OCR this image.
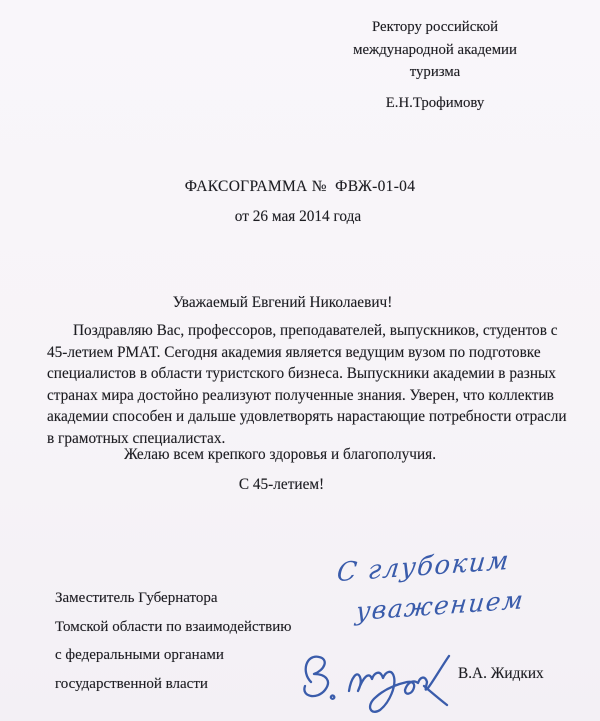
Ректору российской
международной академии
туризма
Е.Н.Трофимову
ФАКСОГРАММА №  ФВЖ-01-04
от 26 мая 2014 года
Уважаемый Евгений Николаевич!
Поздравляю Вас, профессоров, преподавателей, выпускников, студентов с
45-летием РМАТ. Сегодня академия является ведущим вузом по подготовке
специалистов в области туристского бизнеса. Выпускники академии в разных
странах мира достойно реализуют полученные знания. Уверен, что коллектив
академии способен и дальше удовлетворять нарастающие потребности отрасли
в грамотных специалистах.
Желаю всем крепкого здоровья и благополучия.
С 45-летием!
Заместитель Губернатора
Томской области по взаимодействию
с федеральными органами
государственной власти
С глубоким
уважением
В.А. Жидких
